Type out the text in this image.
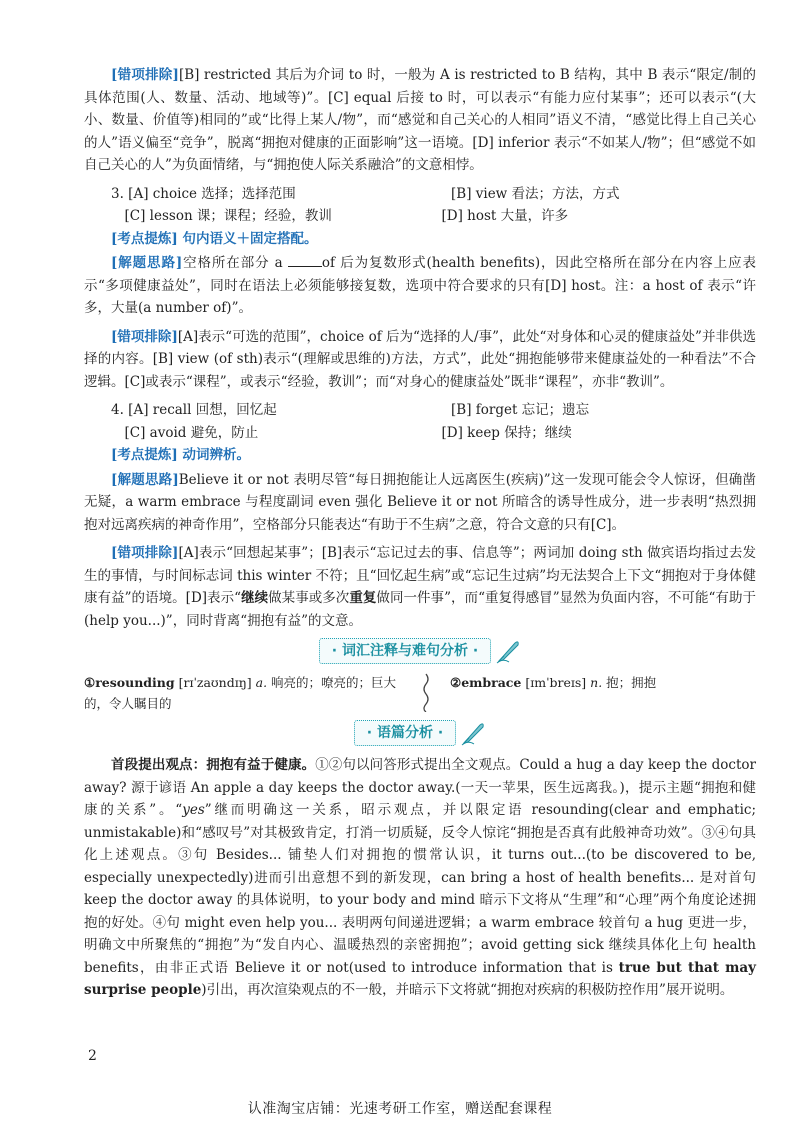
[错项排除][B] restricted 其后为介词 to 时，一般为 A is restricted to B 结构，其中 B 表示“限定/制的具体范围(人、数量、活动、地域等)”。[C] equal 后接 to 时，可以表示“有能力应付某事”；还可以表示“(大小、数量、价值等)相同的”或“比得上某人/物”，而“感觉和自己关心的人相同”语义不清，“感觉比得上自己关心的人”语义偏至“竞争”，脱离“拥抱对健康的正面影响”这一语境。[D] inferior 表示“不如某人/物”；但“感觉不如自己关心的人”为负面情绪，与“拥抱使人际关系融洽”的文意相悖。

3. [A] choice 选择；选择范围	[B] view 看法；方法，方式
[C] lesson 课；课程；经验，教训	[D] host 大量，许多

[考点提炼] 句内语义＋固定搭配。

[解题思路]空格所在部分 a	of 后为复数形式(health benefits)，因此空格所在部分在内容上应表示“多项健康益处”，同时在语法上必须能够接复数，选项中符合要求的只有[D] host。注：a host of 表示“许多，大量(a number of)”。

[错项排除][A]表示“可选的范围”，choice of 后为“选择的人/事”，此处“对身体和心灵的健康益处”并非供选择的内容。[B] view (of sth)表示“(理解或思维的)方法，方式”，此处“拥抱能够带来健康益处的一种看法”不合逻辑。[C]或表示“课程”，或表示“经验，教训”；而“对身心的健康益处”既非“课程”，亦非“教训”。

4. [A] recall 回想，回忆起	[B] forget 忘记；遗忘
[C] avoid 避免，防止	[D] keep 保持；继续

[考点提炼] 动词辨析。

[解题思路]Believe it or not 表明尽管“每日拥抱能让人远离医生(疾病)”这一发现可能会令人惊讶，但确凿无疑，a warm embrace 与程度副词 even 强化 Believe it or not 所暗含的诱导性成分，进一步表明“热烈拥抱对远离疾病的神奇作用”，空格部分只能表达“有助于不生病”之意，符合文意的只有[C]。

[错项排除][A]表示“回想起某事”；[B]表示“忘记过去的事、信息等”；两词加 doing sth 做宾语均指过去发生的事情，与时间标志词 this winter 不符；且“回忆起生病”或“忘记生过病”均无法契合上下文“拥抱对于身体健康有益”的语境。[D]表示“继续做某事或多次重复做同一件事”，而“重复得感冒”显然为负面内容，不可能“有助于(help you...)”，同时背离“拥抱有益”的文意。

· 词汇注释与难句分析 ·
①resounding [rɪˈzaʊndɪŋ] a. 响亮的；嘹亮的；巨大的，令人瞩目的
②embrace [ɪmˈbreɪs] n. 抱；拥抱
· 语篇分析 ·

首段提出观点：拥抱有益于健康。①②句以问答形式提出全文观点。Could a hug a day keep the doctor away? 源于谚语 An apple a day keeps the doctor away.(一天一苹果，医生远离我。)，提示主题“拥抱和健康的关系”。“yes”继而明确这一关系，昭示观点，并以限定语 resounding(clear and emphatic; unmistakable)和“感叹号”对其极致肯定，打消一切质疑，反令人惊诧“拥抱是否真有此般神奇功效”。③④句具化上述观点。③句 Besides... 铺垫人们对拥抱的惯常认识，it turns out...(to be discovered to be, especially unexpectedly)进而引出意想不到的新发现，can bring a host of health benefits... 是对首句 keep the doctor away 的具体说明，to your body and mind 暗示下文将从“生理”和“心理”两个角度论述拥抱的好处。④句 might even help you... 表明两句间递进逻辑；a warm embrace 较首句 a hug 更进一步，明确文中所聚焦的“拥抱”为“发自内心、温暖热烈的亲密拥抱”；avoid getting sick 继续具体化上句 health benefits，由非正式语 Believe it or not(used to introduce information that is true but that may surprise people)引出，再次渲染观点的不一般，并暗示下文将就“拥抱对疾病的积极防控作用”展开说明。

2
认准淘宝店铺：光速考研工作室，赠送配套课程
